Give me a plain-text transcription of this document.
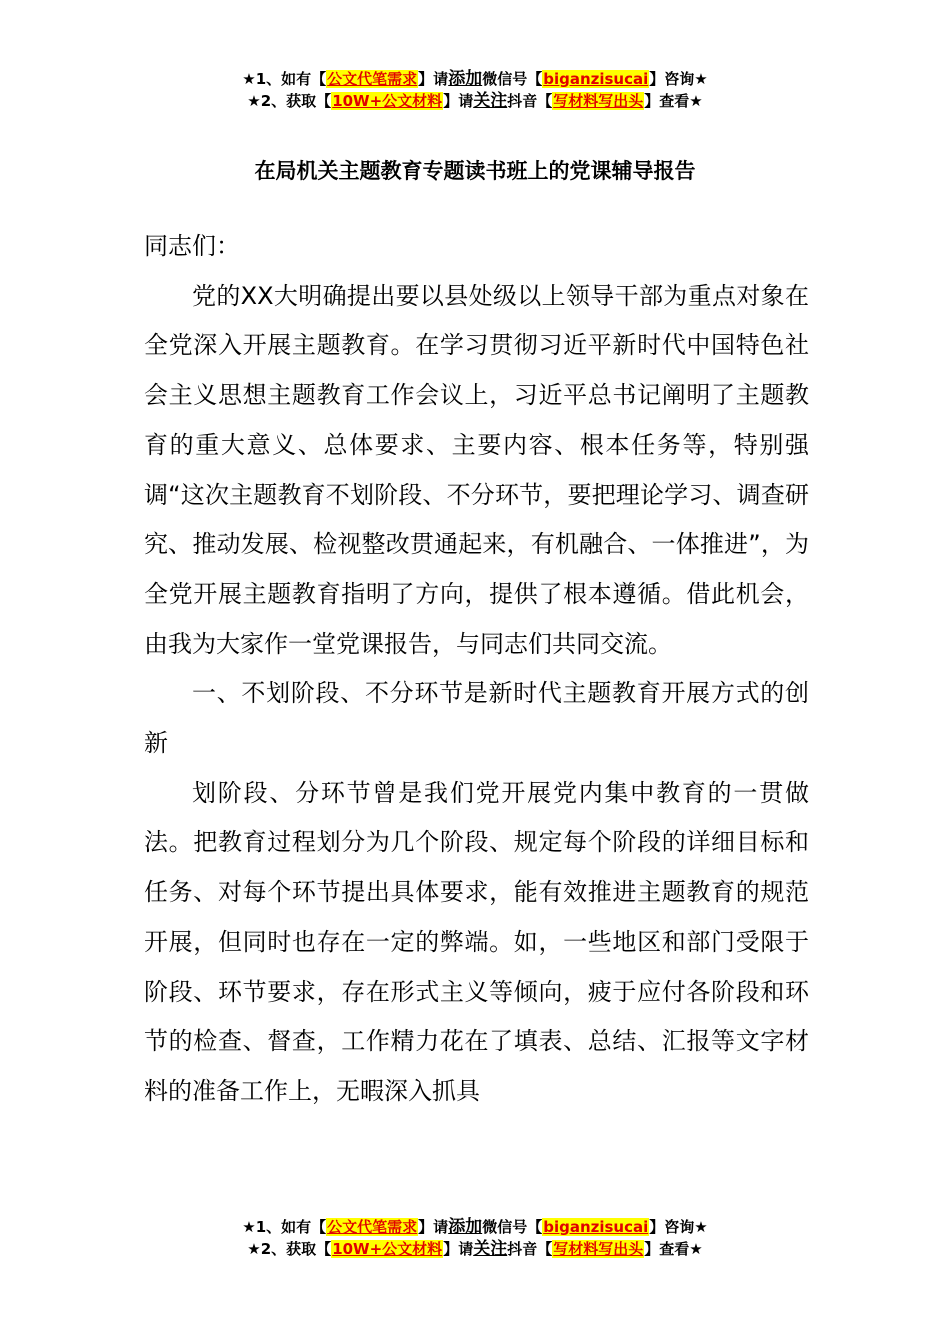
★1、如有【公文代笔需求】请添加微信号【biganzisucai】咨询★
★2、获取【10W+公文材料】请关注抖音【写材料写出头】查看★
在局机关主题教育专题读书班上的党课辅导报告

同志们：

党的XX大明确提出要以县处级以上领导干部为重点对象在全党深入开展主题教育。在学习贯彻习近平新时代中国特色社会主义思想主题教育工作会议上，习近平总书记阐明了主题教育的重大意义、总体要求、主要内容、根本任务等，特别强调“这次主题教育不划阶段、不分环节，要把理论学习、调查研究、推动发展、检视整改贯通起来，有机融合、一体推进”，为全党开展主题教育指明了方向，提供了根本遵循。借此机会，由我为大家作一堂党课报告，与同志们共同交流。

一、不划阶段、不分环节是新时代主题教育开展方式的创新

划阶段、分环节曾是我们党开展党内集中教育的一贯做法。把教育过程划分为几个阶段、规定每个阶段的详细目标和任务、对每个环节提出具体要求，能有效推进主题教育的规范开展，但同时也存在一定的弊端。如，一些地区和部门受限于阶段、环节要求，存在形式主义等倾向，疲于应付各阶段和环节的检查、督查，工作精力花在了填表、总结、汇报等文字材料的准备工作上，无暇深入抓具

★1、如有【公文代笔需求】请添加微信号【biganzisucai】咨询★
★2、获取【10W+公文材料】请关注抖音【写材料写出头】查看★
